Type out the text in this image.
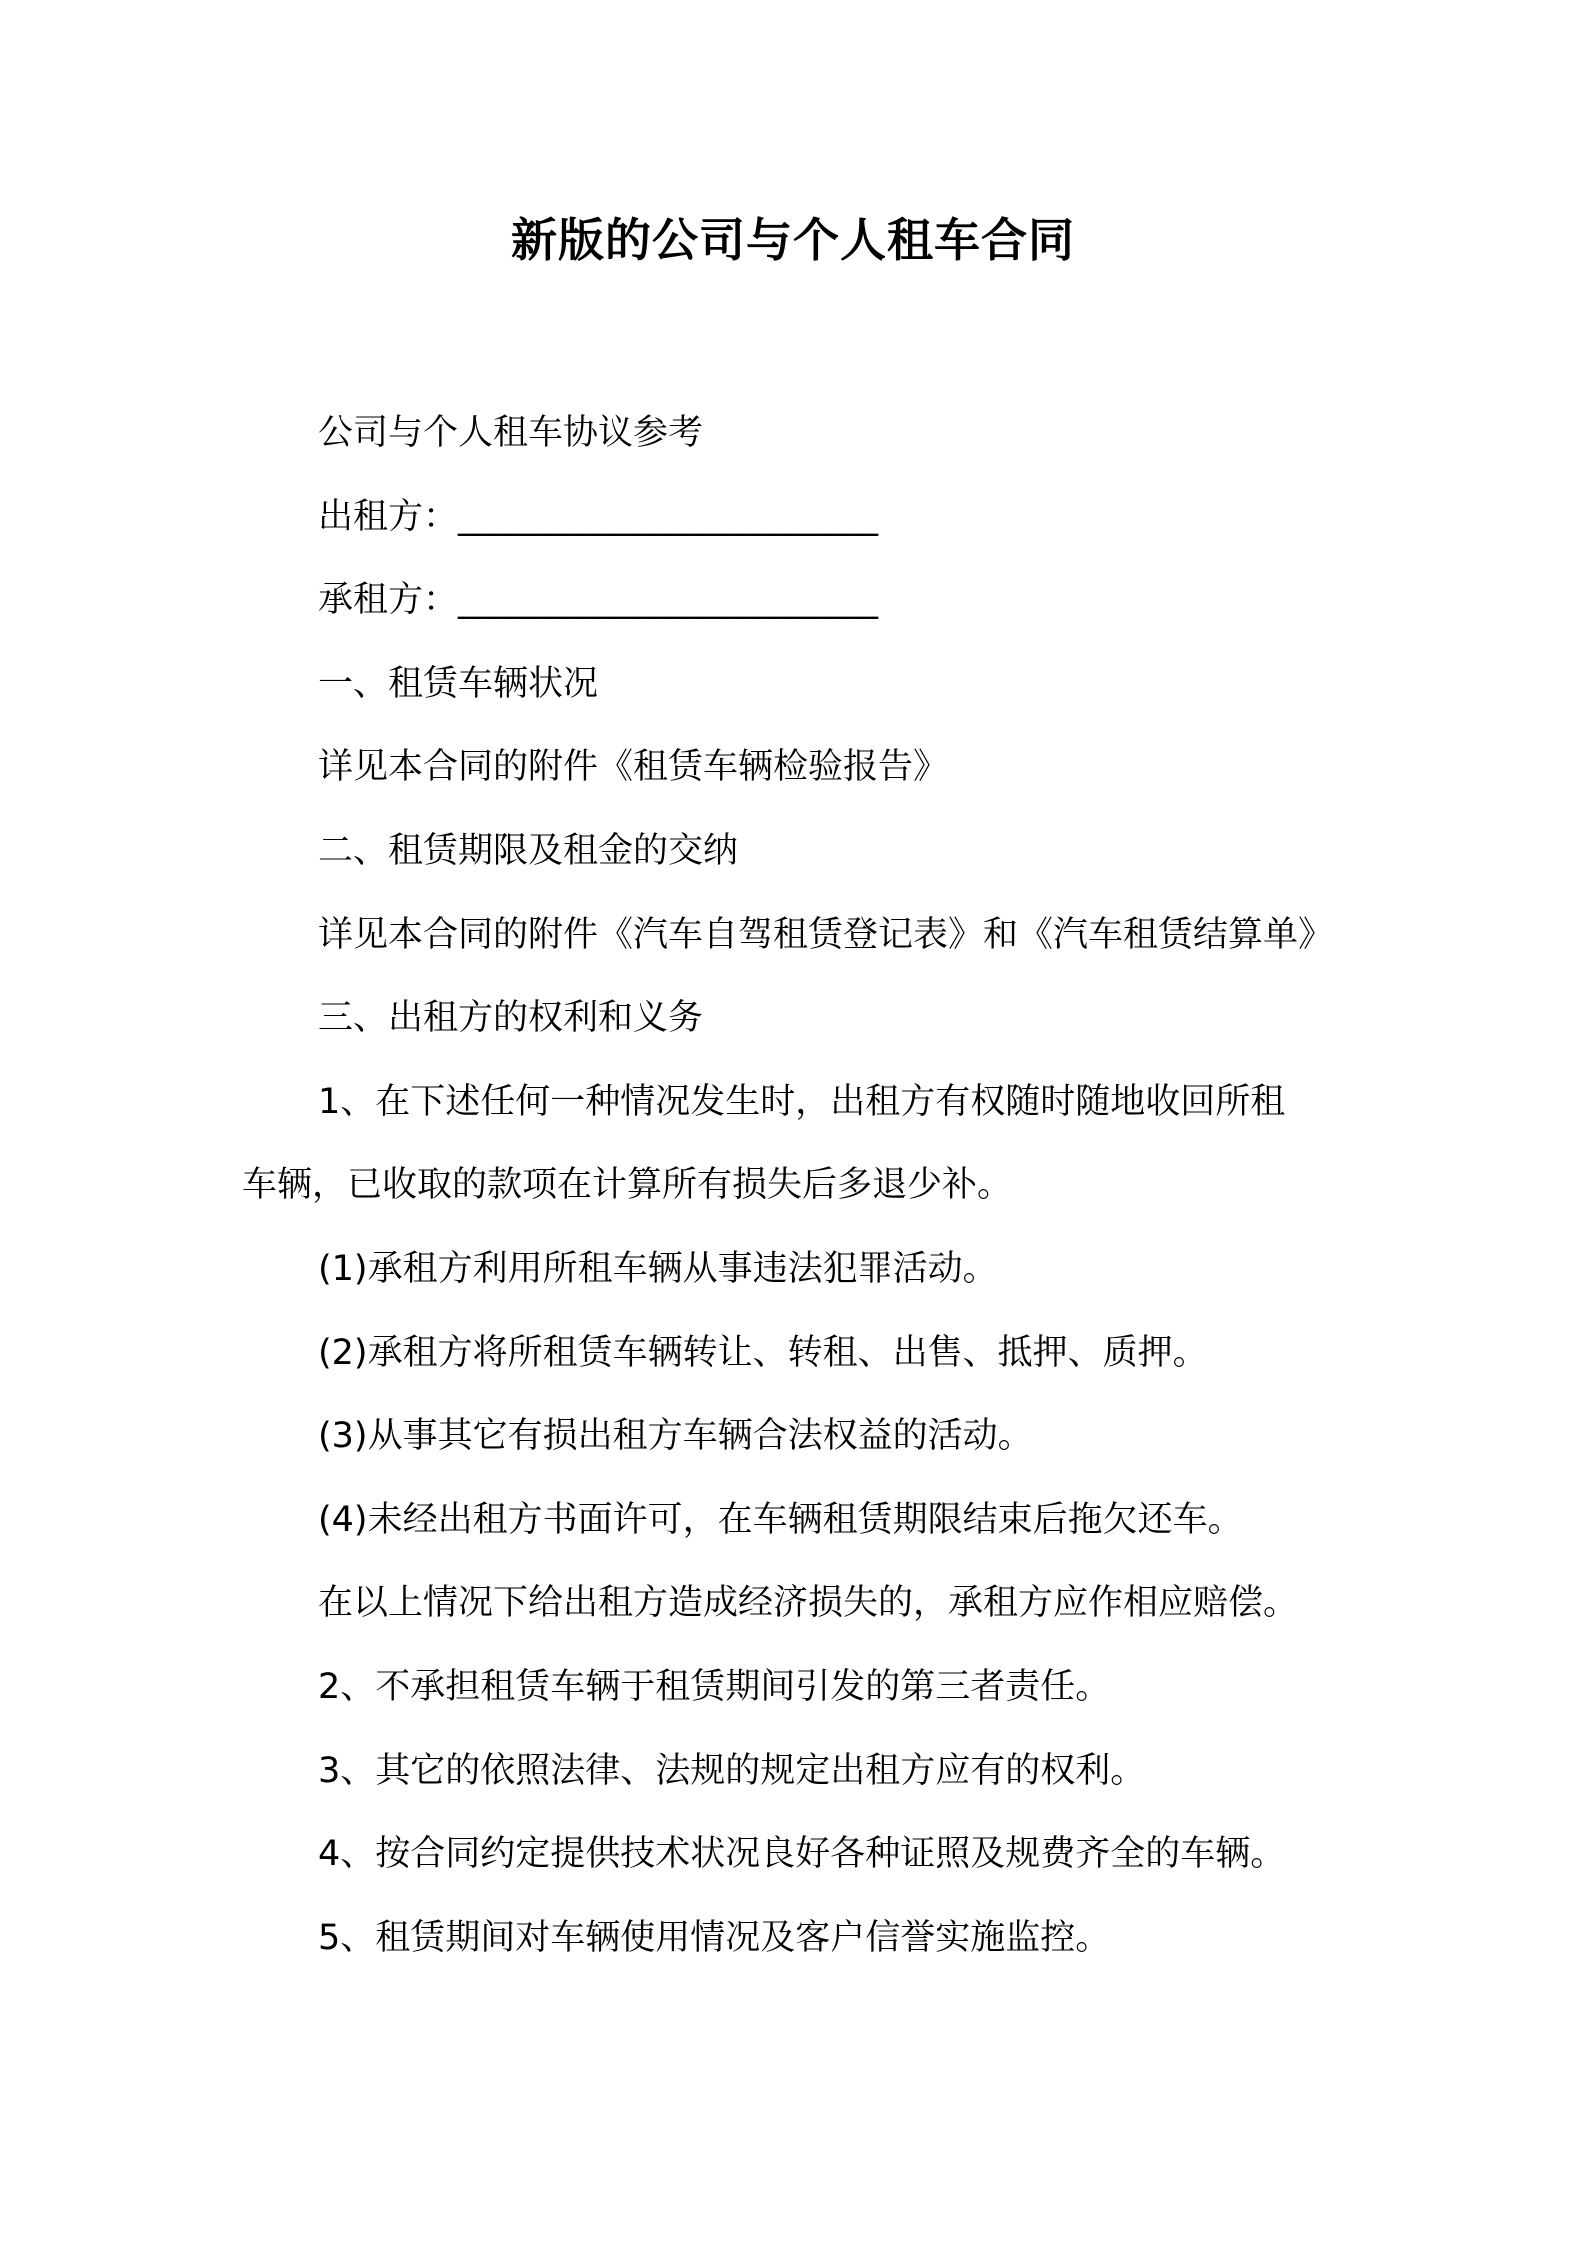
新版的公司与个人租车合同
公司与个人租车协议参考
出租方：________________________
承租方：________________________
一、租赁车辆状况
详见本合同的附件《租赁车辆检验报告》
二、租赁期限及租金的交纳
详见本合同的附件《汽车自驾租赁登记表》和《汽车租赁结算单》
三、出租方的权利和义务
1、在下述任何一种情况发生时，出租方有权随时随地收回所租
车辆，已收取的款项在计算所有损失后多退少补。
(1)承租方利用所租车辆从事违法犯罪活动。
(2)承租方将所租赁车辆转让、转租、出售、抵押、质押。
(3)从事其它有损出租方车辆合法权益的活动。
(4)未经出租方书面许可，在车辆租赁期限结束后拖欠还车。
在以上情况下给出租方造成经济损失的，承租方应作相应赔偿。
2、不承担租赁车辆于租赁期间引发的第三者责任。
3、其它的依照法律、法规的规定出租方应有的权利。
4、按合同约定提供技术状况良好各种证照及规费齐全的车辆。
5、租赁期间对车辆使用情况及客户信誉实施监控。
